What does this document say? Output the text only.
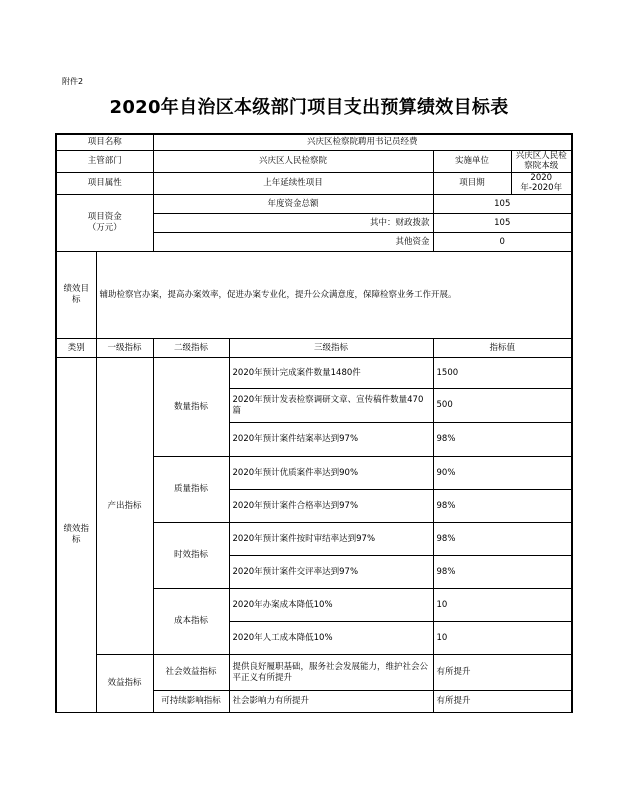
附件2
2020年自治区本级部门项目支出预算绩效目标表
项目名称		兴庆区检察院聘用书记员经费			
主管部门		兴庆区人民检察院		实施单位	兴庆区人民检察院本级
项目属性		上年延续性项目		项目期	2020年-2020年
项目资金
（万元）		年度资金总额		105	
		其中：财政拨款		105	
		其他资金		0	
绩效目标	辅助检察官办案，提高办案效率，促进办案专业化，提升公众满意度，保障检察业务工作开展。				
类别	一级指标	二级指标	三级指标	指标值	
绩效指标	产出指标	数量指标	2020年预计完成案件数量1480件	1500	
			2020年预计发表检察调研文章、宣传稿件数量470篇	500	
			2020年预计案件结案率达到97%	98%	
		质量指标	2020年预计优质案件率达到90%	90%	
			2020年预计案件合格率达到97%	98%	
		时效指标	2020年预计案件按时审结率达到97%	98%	
			2020年预计案件交评率达到97%	98%	
		成本指标	2020年办案成本降低10%	10	
			2020年人工成本降低10%	10	
	效益指标	社会效益指标	提供良好履职基础，服务社会发展能力，维护社会公平正义有所提升	有所提升	
		可持续影响指标	社会影响力有所提升	有所提升	
